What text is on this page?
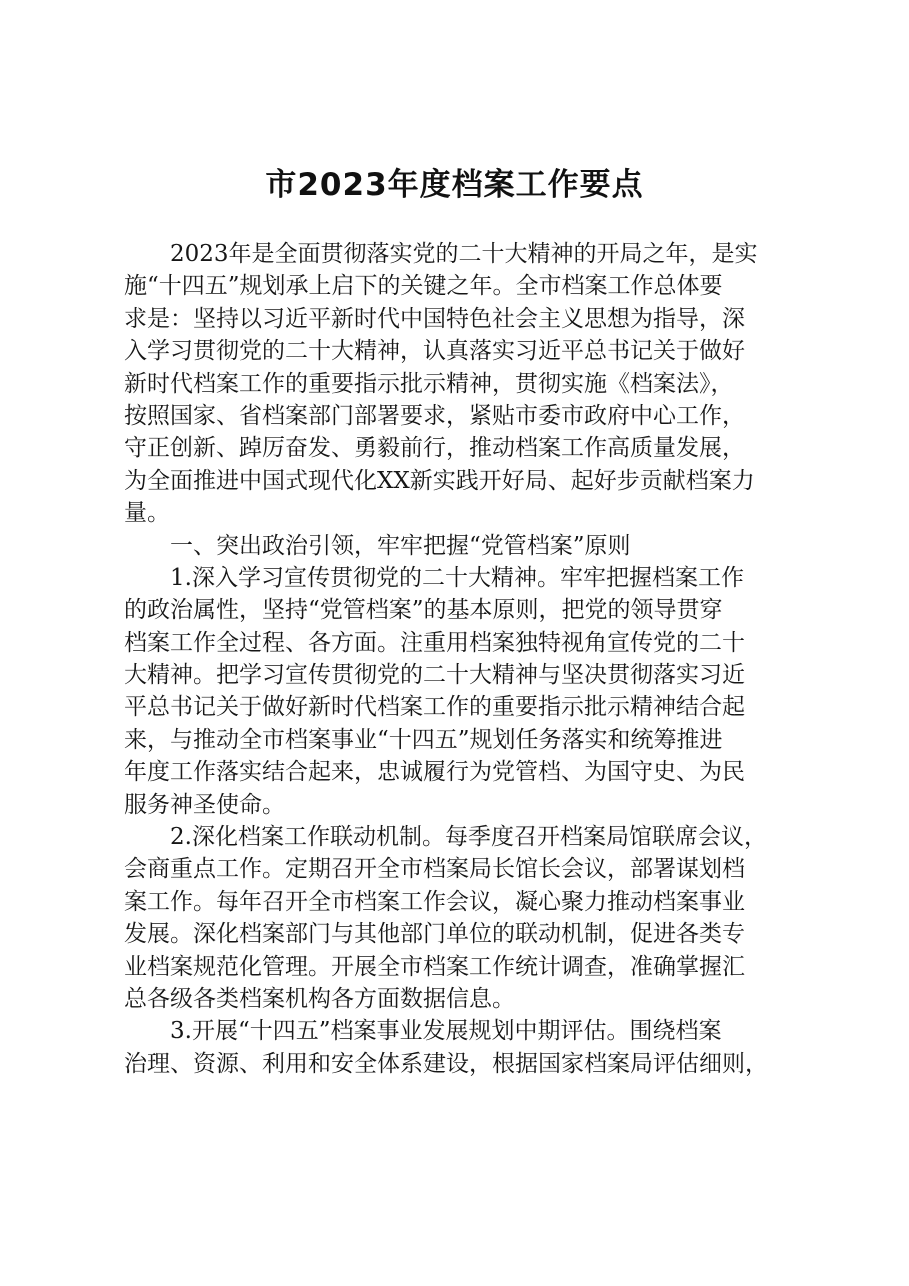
市2023年度档案工作要点
2023年是全面贯彻落实党的二十大精神的开局之年，是实
施“十四五”规划承上启下的关键之年。全市档案工作总体要
求是：坚持以习近平新时代中国特色社会主义思想为指导，深
入学习贯彻党的二十大精神，认真落实习近平总书记关于做好
新时代档案工作的重要指示批示精神，贯彻实施《档案法》，
按照国家、省档案部门部署要求，紧贴市委市政府中心工作，
守正创新、踔厉奋发、勇毅前行，推动档案工作高质量发展，
为全面推进中国式现代化XX新实践开好局、起好步贡献档案力
量。
一、突出政治引领，牢牢把握“党管档案”原则
1.深入学习宣传贯彻党的二十大精神。牢牢把握档案工作
的政治属性，坚持“党管档案”的基本原则，把党的领导贯穿
档案工作全过程、各方面。注重用档案独特视角宣传党的二十
大精神。把学习宣传贯彻党的二十大精神与坚决贯彻落实习近
平总书记关于做好新时代档案工作的重要指示批示精神结合起
来，与推动全市档案事业“十四五”规划任务落实和统筹推进
年度工作落实结合起来，忠诚履行为党管档、为国守史、为民
服务神圣使命。
2.深化档案工作联动机制。每季度召开档案局馆联席会议，
会商重点工作。定期召开全市档案局长馆长会议，部署谋划档
案工作。每年召开全市档案工作会议，凝心聚力推动档案事业
发展。深化档案部门与其他部门单位的联动机制，促进各类专
业档案规范化管理。开展全市档案工作统计调查，准确掌握汇
总各级各类档案机构各方面数据信息。
3.开展“十四五”档案事业发展规划中期评估。围绕档案
治理、资源、利用和安全体系建设，根据国家档案局评估细则，
